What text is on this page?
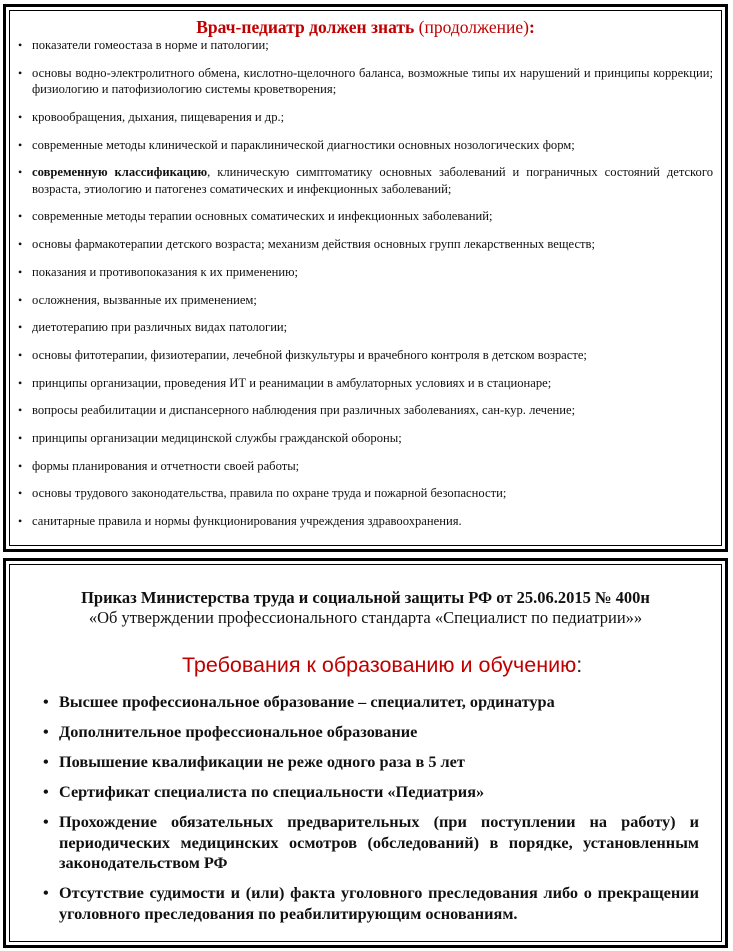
Врач-педиатр должен знать (продолжение):
• показатели гомеостаза в норме и патологии;
• основы водно-электролитного обмена, кислотно-щелочного баланса, возможные типы их нарушений и принципы коррекции; физиологию и патофизиологию системы кроветворения;
• кровообращения, дыхания, пищеварения и др.;
• современные методы клинической и параклинической диагностики основных нозологических форм;
• современную классификацию, клиническую симптоматику основных заболеваний и пограничных состояний детского возраста, этиологию и патогенез соматических и инфекционных заболеваний;
• современные методы терапии основных соматических и инфекционных заболеваний;
• основы фармакотерапии детского возраста; механизм действия основных групп лекарственных веществ;
• показания и противопоказания к их применению;
• осложнения, вызванные их применением;
• диетотерапию при различных видах патологии;
• основы фитотерапии, физиотерапии, лечебной физкультуры и врачебного контроля в детском возрасте;
• принципы организации, проведения ИТ и реанимации в амбулаторных условиях и в стационаре;
• вопросы реабилитации и диспансерного наблюдения при различных заболеваниях, сан-кур. лечение;
• принципы организации медицинской службы гражданской обороны;
• формы планирования и отчетности своей работы;
• основы трудового законодательства, правила по охране труда и пожарной безопасности;
• санитарные правила и нормы функционирования учреждения здравоохранения.
Приказ Министерства труда и социальной защиты РФ от 25.06.2015 № 400н
«Об утверждении профессионального стандарта «Специалист по педиатрии»»
Требования к образованию и обучению:
• Высшее профессиональное образование – специалитет, ординатура
• Дополнительное профессиональное образование
• Повышение квалификации не реже одного раза в 5 лет
• Сертификат специалиста по специальности «Педиатрия»
• Прохождение обязательных предварительных (при поступлении на работу) и периодических медицинских осмотров (обследований) в порядке, установленным законодательством РФ
• Отсутствие судимости и (или) факта уголовного преследования либо о прекращении уголовного преследования по реабилитирующим основаниям.
